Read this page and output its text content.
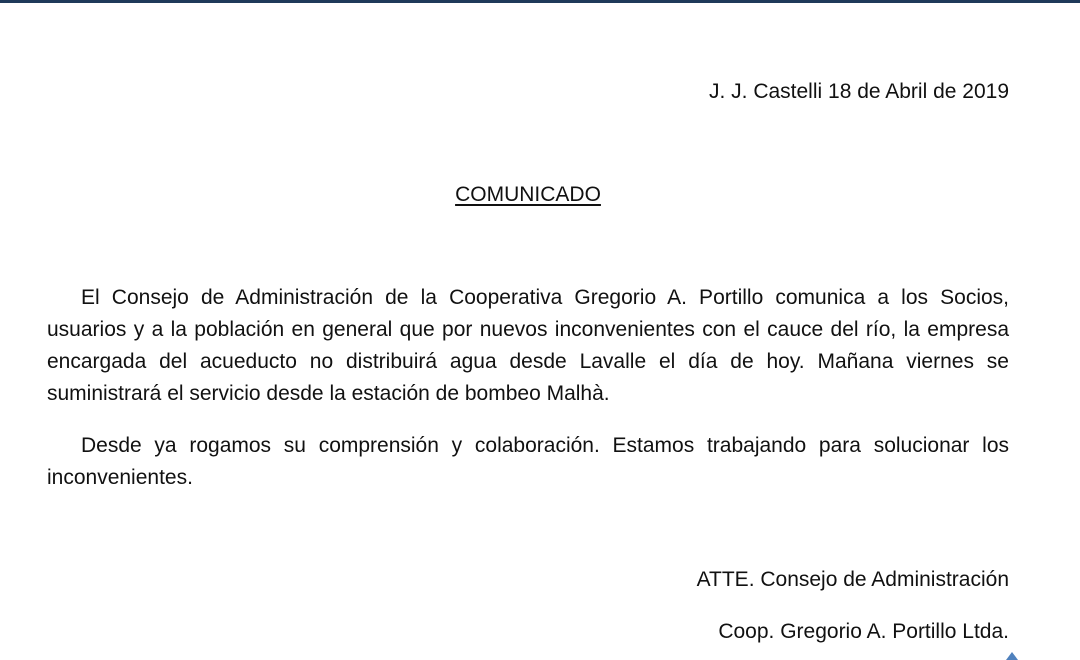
J. J. Castelli 18 de Abril de 2019
COMUNICADO

El Consejo de Administración de la Cooperativa Gregorio A. Portillo comunica a los Socios, usuarios y a la población en general que por nuevos inconvenientes con el cauce del río, la empresa encargada del acueducto no distribuirá agua desde Lavalle el día de hoy. Mañana viernes se suministrará el servicio desde la estación de bombeo Malhà.

Desde ya rogamos su comprensión y colaboración. Estamos trabajando para solucionar los inconvenientes.

ATTE. Consejo de Administración
Coop. Gregorio A. Portillo Ltda.
